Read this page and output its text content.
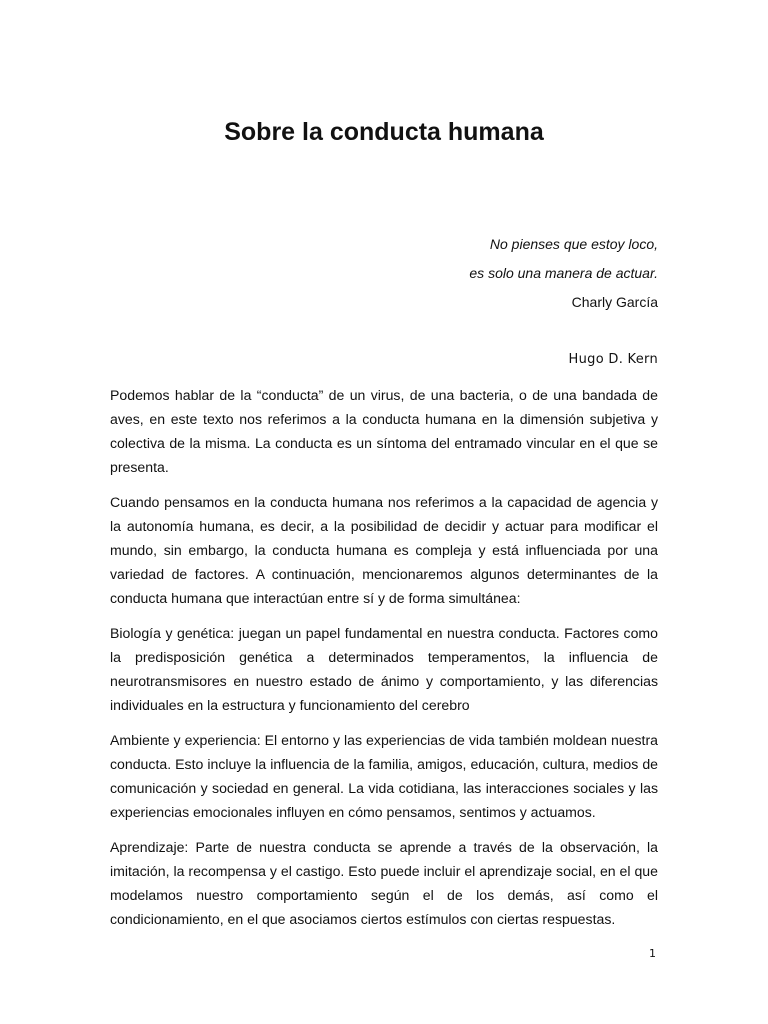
Sobre la conducta humana
No pienses que estoy loco,
es solo una manera de actuar.
Charly García
Hugo D. Kern

Podemos hablar de la “conducta” de un virus, de una bacteria, o de una bandada de aves, en este texto nos referimos a la conducta humana en la dimensión subjetiva y colectiva de la misma. La conducta es un síntoma del entramado vincular en el que se presenta.

Cuando pensamos en la conducta humana nos referimos a la capacidad de agencia y la autonomía humana, es decir, a la posibilidad de decidir y actuar para modificar el mundo, sin embargo, la conducta humana es compleja y está influenciada por una variedad de factores. A continuación, mencionaremos algunos determinantes de la conducta humana que interactúan entre sí y de forma simultánea:

Biología y genética: juegan un papel fundamental en nuestra conducta. Factores como la predisposición genética a determinados temperamentos, la influencia de neurotransmisores en nuestro estado de ánimo y comportamiento, y las diferencias individuales en la estructura y funcionamiento del cerebro

Ambiente y experiencia: El entorno y las experiencias de vida también moldean nuestra conducta. Esto incluye la influencia de la familia, amigos, educación, cultura, medios de comunicación y sociedad en general. La vida cotidiana, las interacciones sociales y las experiencias emocionales influyen en cómo pensamos, sentimos y actuamos.

Aprendizaje: Parte de nuestra conducta se aprende a través de la observación, la imitación, la recompensa y el castigo. Esto puede incluir el aprendizaje social, en el que modelamos nuestro comportamiento según el de los demás, así como el condicionamiento, en el que asociamos ciertos estímulos con ciertas respuestas.

1
